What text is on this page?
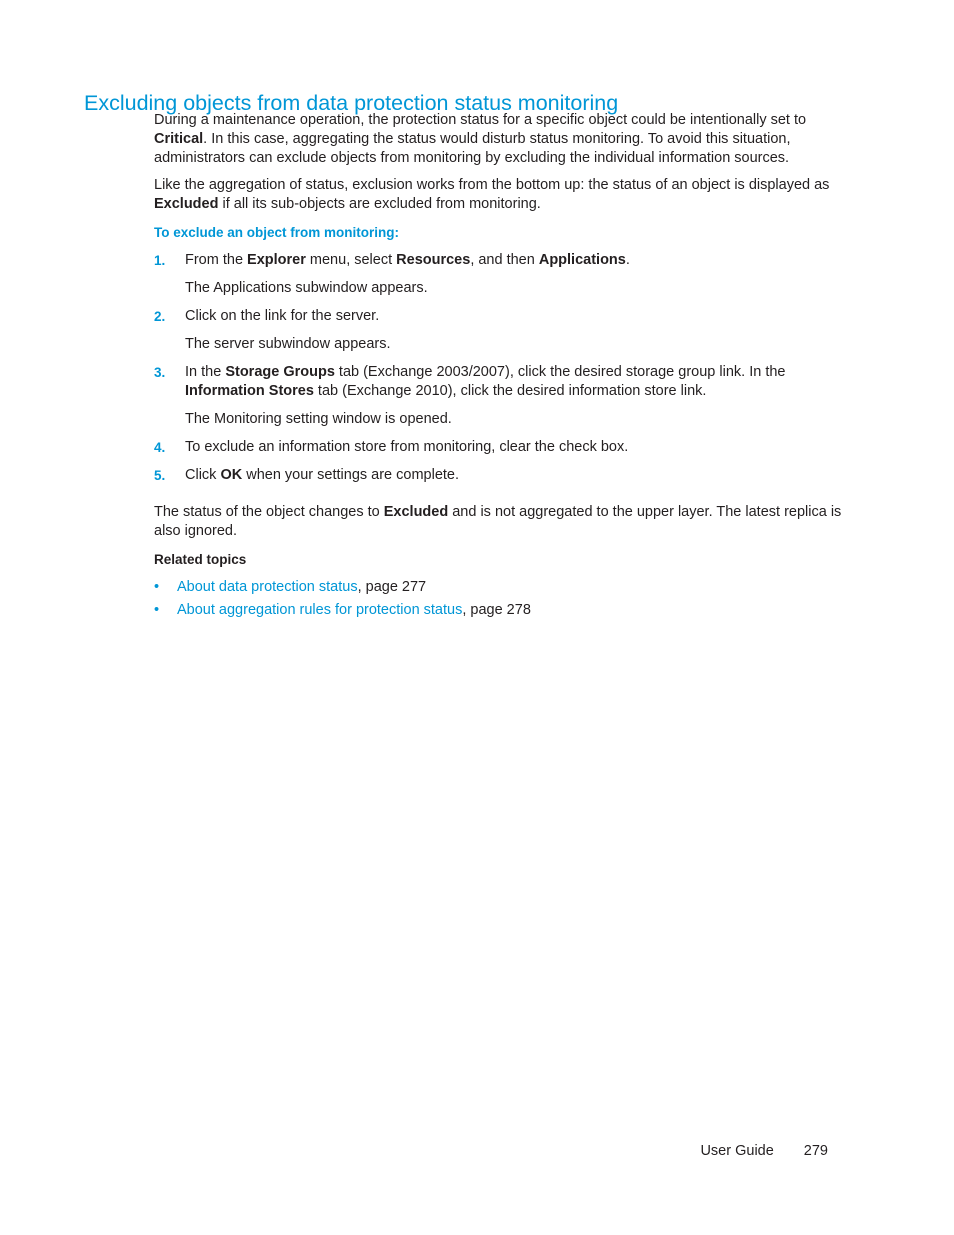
Excluding objects from data protection status monitoring

During a maintenance operation, the protection status for a specific object could be intentionally set to Critical. In this case, aggregating the status would disturb status monitoring. To avoid this situation, administrators can exclude objects from monitoring by excluding the individual information sources.

Like the aggregation of status, exclusion works from the bottom up: the status of an object is displayed as Excluded if all its sub-objects are excluded from monitoring.

To exclude an object from monitoring:

1. From the Explorer menu, select Resources, and then Applications.
The Applications subwindow appears.
2. Click on the link for the server.
The server subwindow appears.
3. In the Storage Groups tab (Exchange 2003/2007), click the desired storage group link. In the Information Stores tab (Exchange 2010), click the desired information store link.
The Monitoring setting window is opened.
4. To exclude an information store from monitoring, clear the check box.
5. Click OK when your settings are complete.

The status of the object changes to Excluded and is not aggregated to the upper layer. The latest replica is also ignored.

Related topics

• About data protection status, page 277
• About aggregation rules for protection status, page 278
User Guide 279
